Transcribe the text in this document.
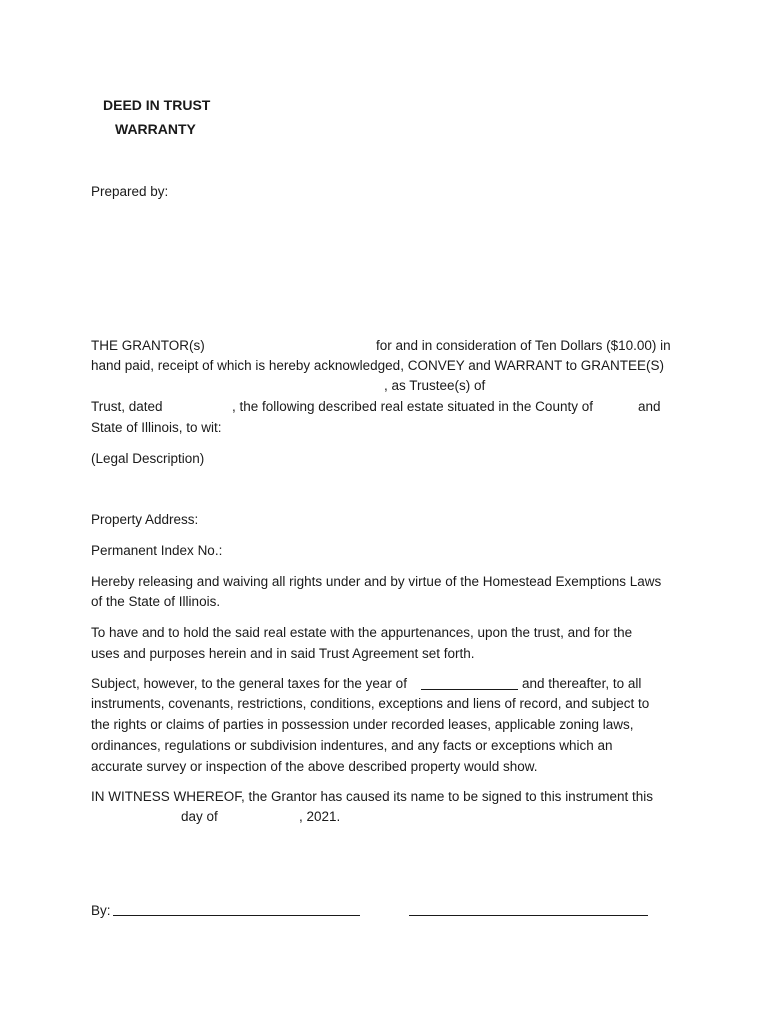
DEED IN TRUST
WARRANTY
Prepared by:
THE GRANTOR(s)	for and in consideration of Ten Dollars ($10.00) in
hand paid, receipt of which is hereby acknowledged, CONVEY and WARRANT to GRANTEE(S)
, as Trustee(s) of
Trust, dated	, the following described real estate situated in the County of	and
State of Illinois, to wit:
(Legal Description)
Property Address:
Permanent Index No.:
Hereby releasing and waiving all rights under and by virtue of the Homestead Exemptions Laws
of the State of Illinois.
To have and to hold the said real estate with the appurtenances, upon the trust, and for the
uses and purposes herein and in said Trust Agreement set forth.
Subject, however, to the general taxes for the year of	and thereafter, to all
instruments, covenants, restrictions, conditions, exceptions and liens of record, and subject to
the rights or claims of parties in possession under recorded leases, applicable zoning laws,
ordinances, regulations or subdivision indentures, and any facts or exceptions which an
accurate survey or inspection of the above described property would show.
IN WITNESS WHEREOF, the Grantor has caused its name to be signed to this instrument this
day of	, 2021.
By:
